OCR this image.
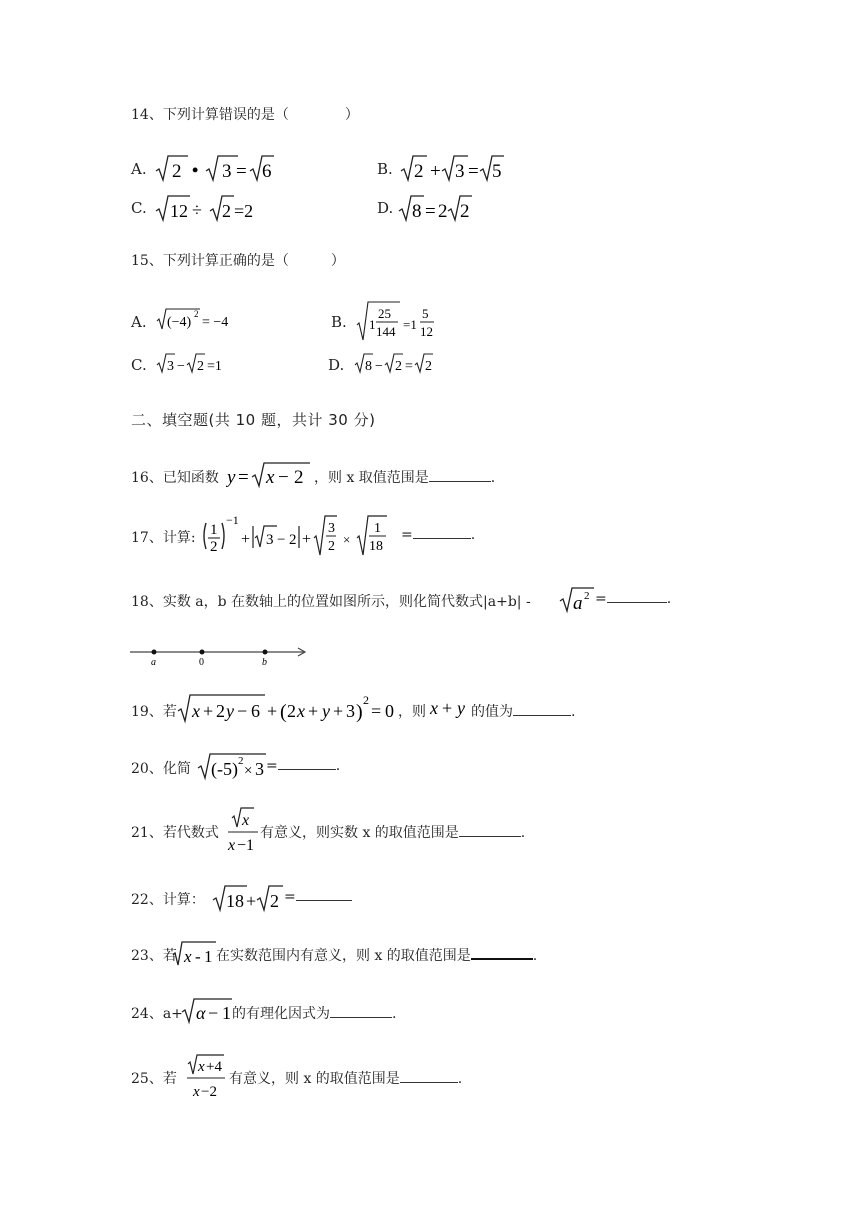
14、下列计算错误的是（　　　　）
A. 2 • 3 = 6	B. 2 + 3 = 5
C. 12 ÷ 2 =2	D. 8 = 2 2
15、下列计算正确的是（　　　）
A. (−4)
2
= −4	B. 1
25
144 =1
5
12
C. 3 − 2 =1	D. 8 − 2 = 2
二、填空题(共 10 题，共计 30 分)
16、已知函数 y = x − 2 ，则 x 取值范围是	.
17、计算: 1
2
−1
+ 3 − 2 +
3
2 ×
1
18
=	.
18、实数 a，b 在数轴上的位置如图所示，则化简代数式|a+b| - a 2 =	.
a	0	b
19、若 x + 2 y − 6 + ( 2 x + y + 3 )
2
= 0 ，则 x + y 的值为	.
20、化简 (-5) 2
× 3 =	.
21、若代数式
x
x −1
有意义，则实数 x 的取值范围是	.
22、计算： 18 + 2 =
23、若 x - 1 在实数范围内有意义，则 x 的取值范围是	.
24、a+ α − 1 的有理化因式为	.
25、若
x +4
x −2
有意义，则 x 的取值范围是	.
